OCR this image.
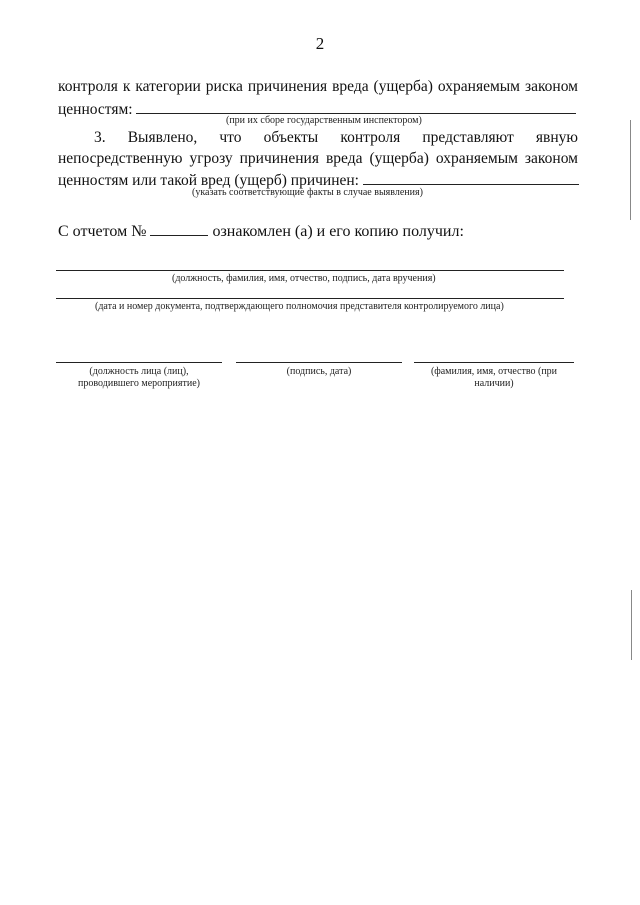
2
контроля к категории риска причинения вреда (ущерба) охраняемым законом
ценностям:
(при их сборе государственным инспектором)
3. Выявлено, что объекты контроля представляют явную
непосредственную угрозу причинения вреда (ущерба) охраняемым законом
ценностям или такой вред (ущерб) причинен:
(указать соответствующие факты в случае выявления)
С отчетом №	ознакомлен (а) и его копию получил:
(должность, фамилия, имя, отчество, подпись, дата вручения)
(дата и номер документа, подтверждающего полномочия представителя контролируемого лица)
(должность лица (лиц),
проводившего мероприятие)
(подпись, дата)	(фамилия, имя, отчество (при
наличии)
